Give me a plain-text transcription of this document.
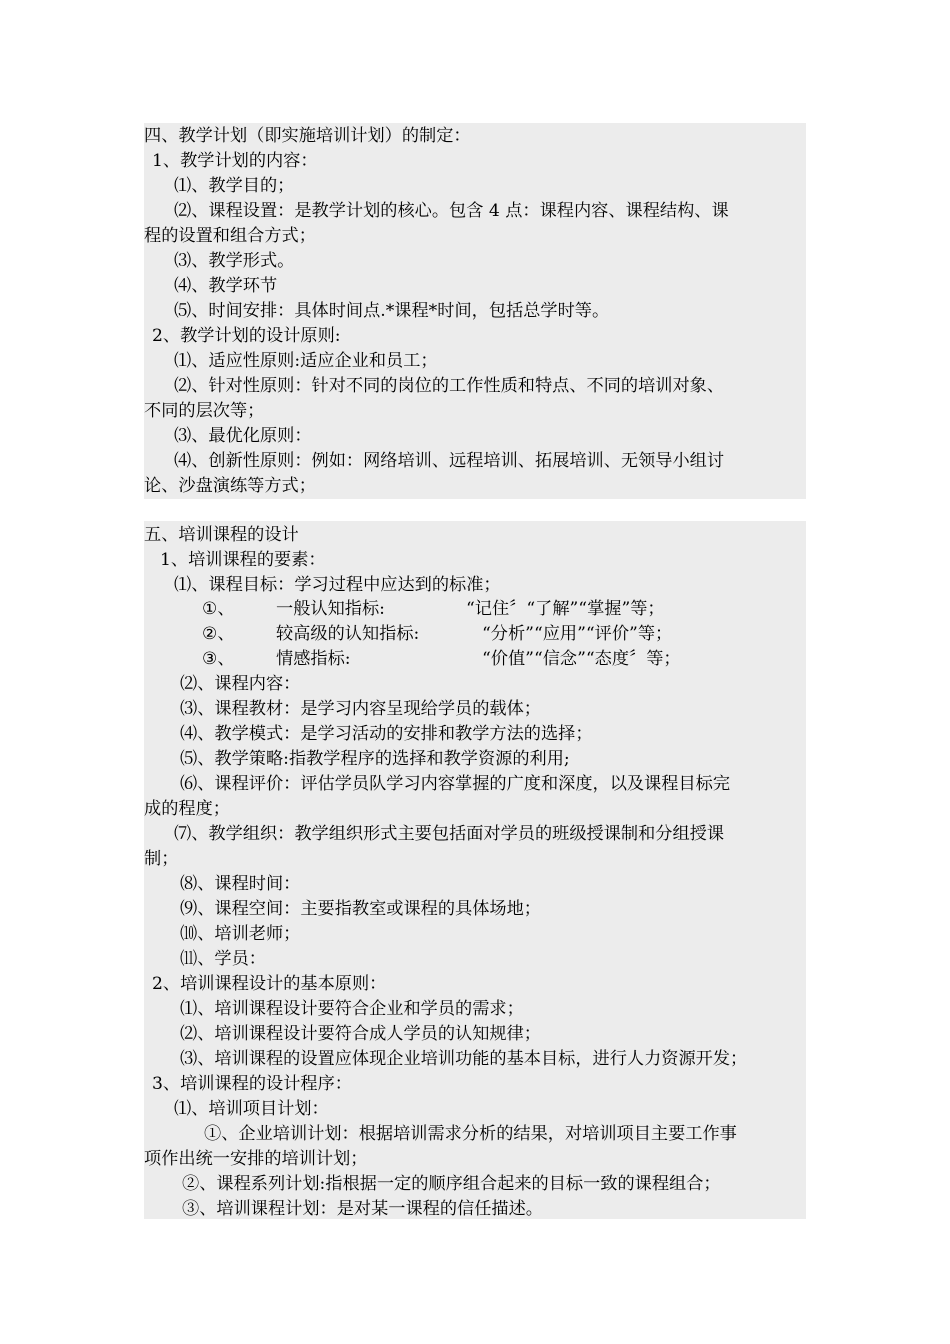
四、教学计划（即实施培训计划）的制定：
1、教学计划的内容：
⑴、教学目的；
⑵、课程设置：是教学计划的核心。包含 4 点：课程内容、课程结构、课
程的设置和组合方式；
⑶、教学形式。
⑷、教学环节
⑸、时间安排：具体时间点.*课程*时间，包括总学时等。
2、教学计划的设计原则:
⑴、适应性原则:适应企业和员工；
⑵、针对性原则：针对不同的岗位的工作性质和特点、不同的培训对象、
不同的层次等；
⑶、最优化原则：
⑷、创新性原则：例如：网络培训、远程培训、拓展培训、无领导小组讨
论、沙盘演练等方式；
五、培训课程的设计
1、培训课程的要素：
⑴、课程目标：学习过程中应达到的标准；
①、 一般认知指标:	“记住〞“了解”“掌握”等；
②、 较高级的认知指标:	“分析”“应用”“评价”等；
③、 情感指标:	“价值”“信念”“态度〞等；
⑵、课程内容：
⑶、课程教材：是学习内容呈现给学员的载体；
⑷、教学模式：是学习活动的安排和教学方法的选择；
⑸、教学策略:指教学程序的选择和教学资源的利用;
⑹、课程评价：评估学员队学习内容掌握的广度和深度，以及课程目标完
成的程度；
⑺、教学组织：教学组织形式主要包括面对学员的班级授课制和分组授课
制；
⑻、课程时间：
⑼、课程空间：主要指教室或课程的具体场地；
⑽、培训老师；
⑾、学员：
2、培训课程设计的基本原则：
⑴、培训课程设计要符合企业和学员的需求；
⑵、培训课程设计要符合成人学员的认知规律；
⑶、培训课程的设置应体现企业培训功能的基本目标，进行人力资源开发；
3、培训课程的设计程序：
⑴、培训项目计划：
①、企业培训计划：根据培训需求分析的结果，对培训项目主要工作事
项作出统一安排的培训计划；
②、课程系列计划:指根据一定的顺序组合起来的目标一致的课程组合；
③、培训课程计划：是对某一课程的信任描述。
